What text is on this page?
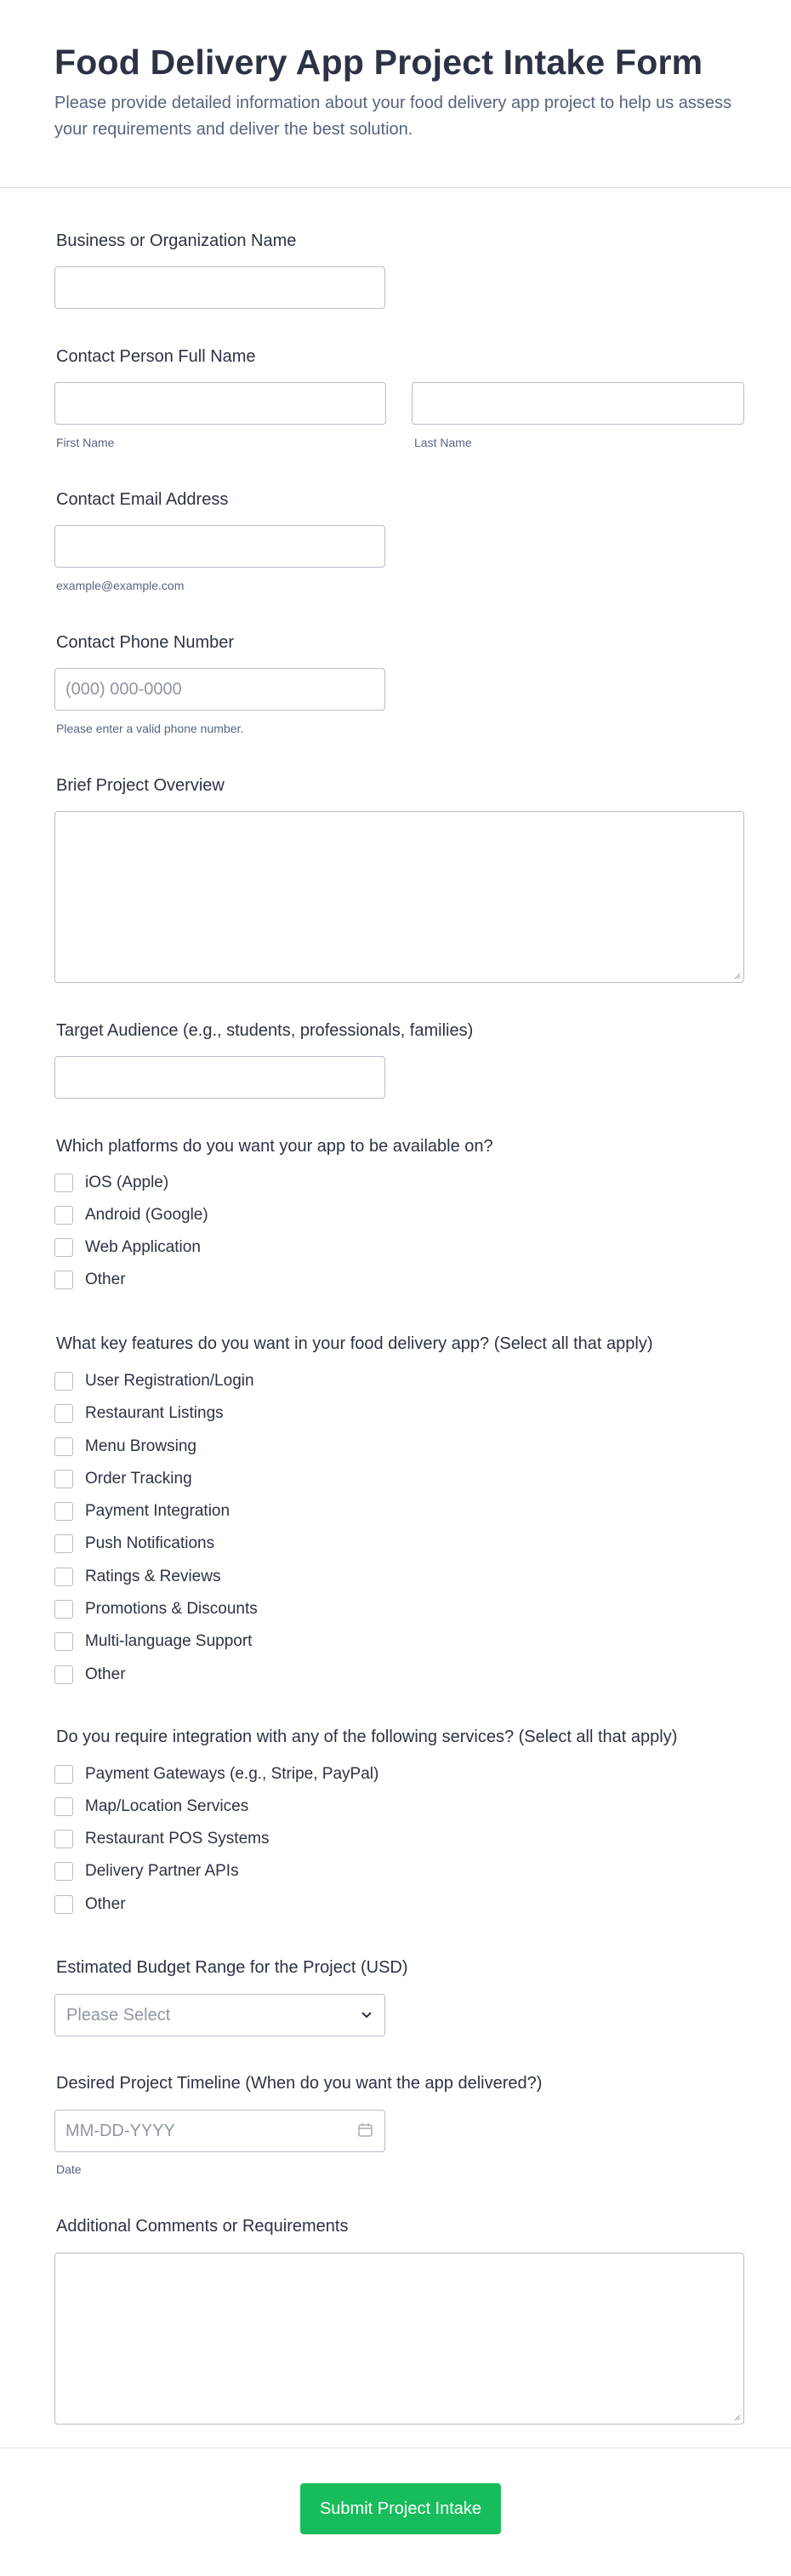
Food Delivery App Project Intake Form

Please provide detailed information about your food delivery app project to help us assess your requirements and deliver the best solution.

Business or Organization Name
Contact Person Full Name
First Name	Last Name
Contact Email Address
example@example.com
Contact Phone Number
(000) 000-0000
Please enter a valid phone number.
Brief Project Overview
Target Audience (e.g., students, professionals, families)
Which platforms do you want your app to be available on?
iOS (Apple)
Android (Google)
Web Application
Other
What key features do you want in your food delivery app? (Select all that apply)
User Registration/Login
Restaurant Listings
Menu Browsing
Order Tracking
Payment Integration
Push Notifications
Ratings & Reviews
Promotions & Discounts
Multi-language Support
Other
Do you require integration with any of the following services? (Select all that apply)
Payment Gateways (e.g., Stripe, PayPal)
Map/Location Services
Restaurant POS Systems
Delivery Partner APIs
Other
Estimated Budget Range for the Project (USD)
Please Select
Desired Project Timeline (When do you want the app delivered?)
MM-DD-YYYY
Date
Additional Comments or Requirements
Submit Project Intake
